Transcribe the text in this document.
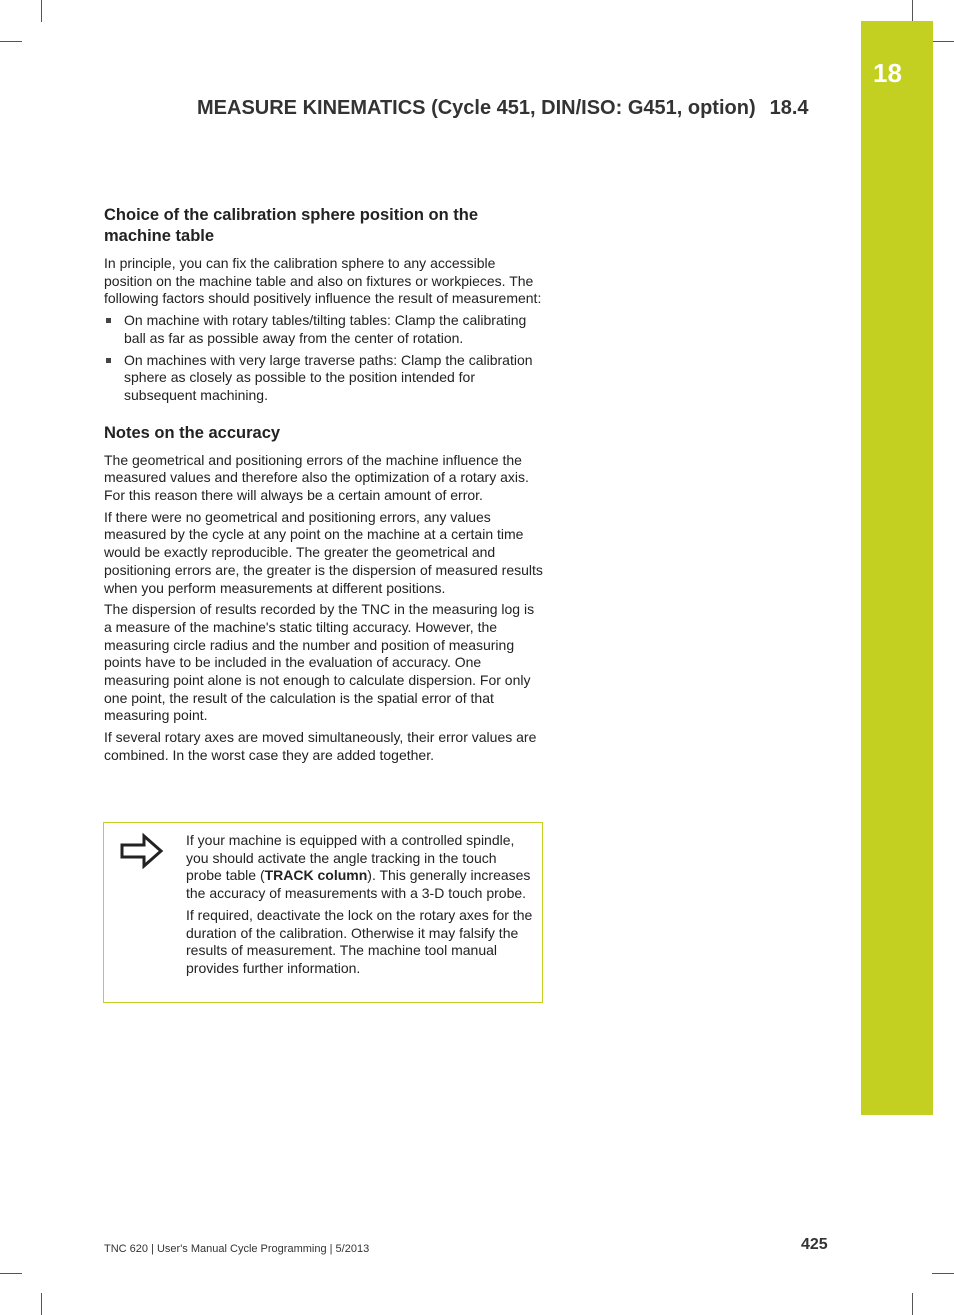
18
MEASURE KINEMATICS (Cycle 451, DIN/ISO: G451, option) 18.4
Choice of the calibration sphere position on the machine table

In principle, you can fix the calibration sphere to any accessible position on the machine table and also on fixtures or workpieces. The following factors should positively influence the result of measurement:

On machine with rotary tables/tilting tables: Clamp the calibrating ball as far as possible away from the center of rotation.
On machines with very large traverse paths: Clamp the calibration sphere as closely as possible to the position intended for subsequent machining.
Notes on the accuracy

The geometrical and positioning errors of the machine influence the measured values and therefore also the optimization of a rotary axis. For this reason there will always be a certain amount of error.

If there were no geometrical and positioning errors, any values measured by the cycle at any point on the machine at a certain time would be exactly reproducible. The greater the geometrical and positioning errors are, the greater is the dispersion of measured results when you perform measurements at different positions.

The dispersion of results recorded by the TNC in the measuring log is a measure of the machine's static tilting accuracy. However, the measuring circle radius and the number and position of measuring points have to be included in the evaluation of accuracy. One measuring point alone is not enough to calculate dispersion. For only one point, the result of the calculation is the spatial error of that measuring point.

If several rotary axes are moved simultaneously, their error values are combined. In the worst case they are added together.

If your machine is equipped with a controlled spindle, you should activate the angle tracking in the touch probe table (TRACK column). This generally increases the accuracy of measurements with a 3-D touch probe.

If required, deactivate the lock on the rotary axes for the duration of the calibration. Otherwise it may falsify the results of measurement. The machine tool manual provides further information.

TNC 620 | User's Manual Cycle Programming | 5/2013	425
